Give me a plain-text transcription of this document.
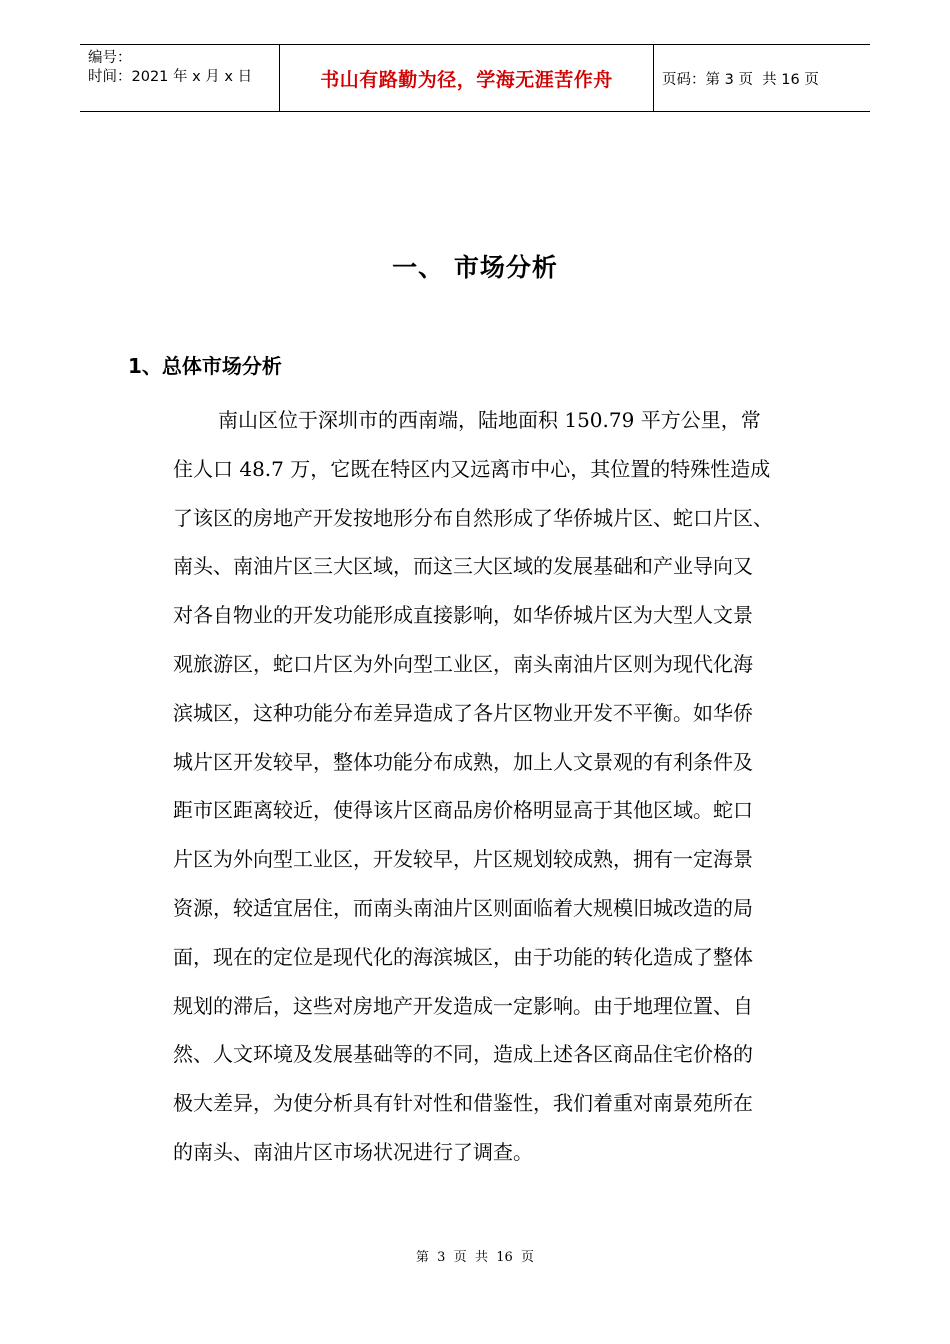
编号：
时间：2021 年 x 月 x 日	书山有路勤为径，学海无涯苦作舟	页码：第 3 页  共 16 页
一、 市场分析
1、总体市场分析
南山区位于深圳市的西南端，陆地面积 150.79 平方公里，常
住人口 48.7 万，它既在特区内又远离市中心，其位置的特殊性造成
了该区的房地产开发按地形分布自然形成了华侨城片区、蛇口片区、
南头、南油片区三大区域，而这三大区域的发展基础和产业导向又
对各自物业的开发功能形成直接影响，如华侨城片区为大型人文景
观旅游区，蛇口片区为外向型工业区，南头南油片区则为现代化海
滨城区，这种功能分布差异造成了各片区物业开发不平衡。如华侨
城片区开发较早，整体功能分布成熟，加上人文景观的有利条件及
距市区距离较近，使得该片区商品房价格明显高于其他区域。蛇口
片区为外向型工业区，开发较早，片区规划较成熟，拥有一定海景
资源，较适宜居住，而南头南油片区则面临着大规模旧城改造的局
面，现在的定位是现代化的海滨城区，由于功能的转化造成了整体
规划的滞后，这些对房地产开发造成一定影响。由于地理位置、自
然、人文环境及发展基础等的不同，造成上述各区商品住宅价格的
极大差异，为使分析具有针对性和借鉴性，我们着重对南景苑所在
的南头、南油片区市场状况进行了调查。
第  3  页  共  16  页
